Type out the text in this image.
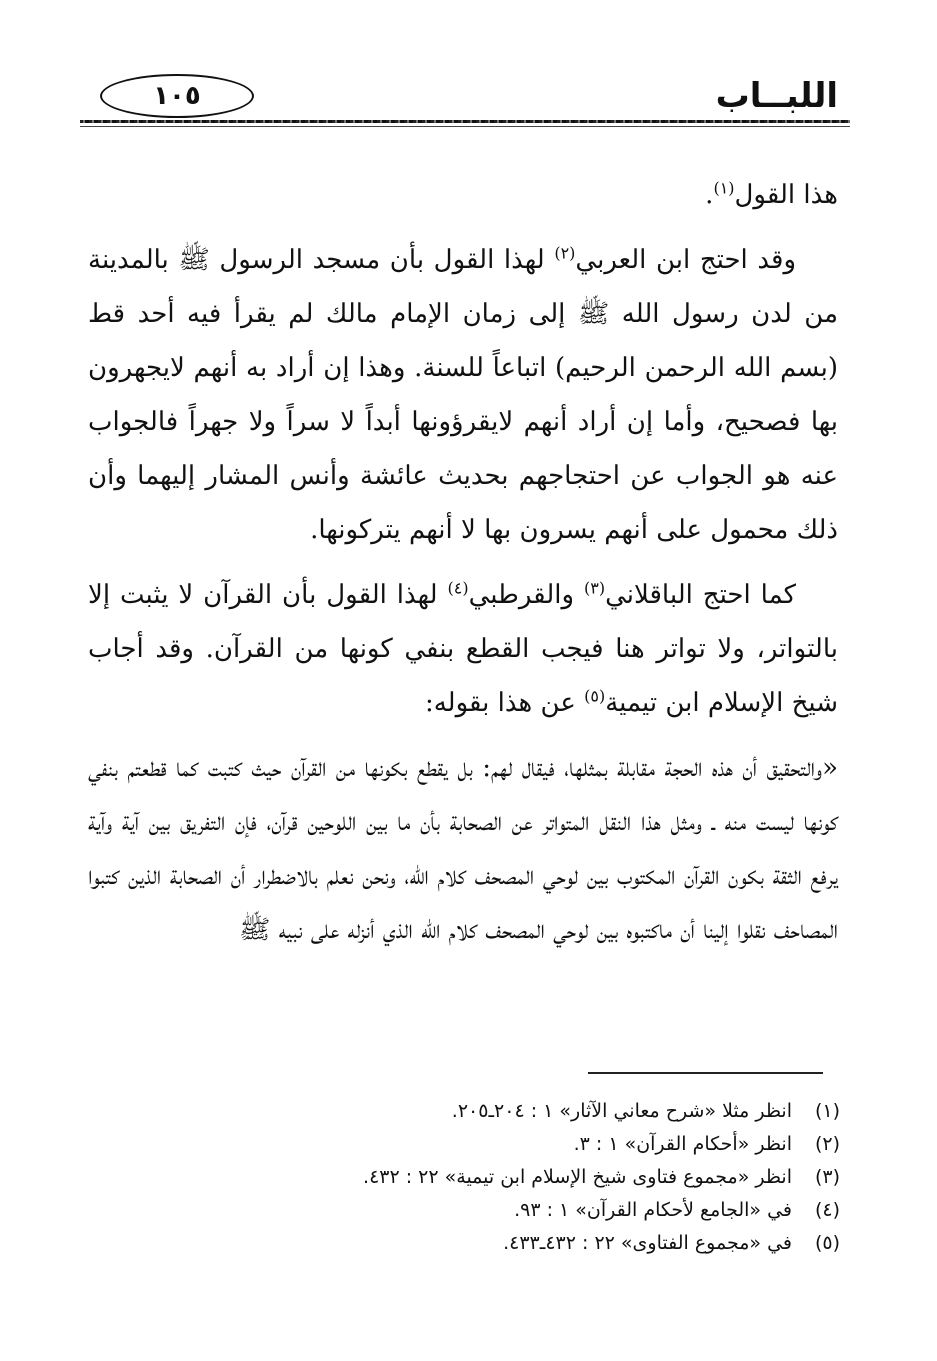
اللبــاب
١٠٥

هذا القول$^{(١)}$.

وقد احتج ابن العربي$^{(٢)}$ لهذا القول بأن مسجد الرسول ﷺ بالمدينة من لدن رسول الله ﷺ إلى زمان الإمام مالك لم يقرأ فيه أحد قط (بسم الله الرحمن الرحيم) اتباعاً للسنة. وهذا إن أراد به أنهم لايجهرون بها فصحيح، وأما إن أراد أنهم لايقرؤونها أبداً لا سراً ولا جهراً فالجواب عنه هو الجواب عن احتجاجهم بحديث عائشة وأنس المشار إليهما وأن ذلك محمول على أنهم يسرون بها لا أنهم يتركونها.

كما احتج الباقلاني$^{(٣)}$ والقرطبي$^{(٤)}$ لهذا القول بأن القرآن لا يثبت إلا بالتواتر، ولا تواتر هنا فيجب القطع بنفي كونها من القرآن. وقد أجاب شيخ الإسلام ابن تيمية$^{(٥)}$ عن هذا بقوله:

«والتحقيق أن هذه الحجة مقابلة بمثلها، فيقال لهم: بل يقطع بكونها من القرآن حيث كتبت كما قطعتم بنفي كونها ليست منه ـ ومثل هذا النقل المتواتر عن الصحابة بأن ما بين اللوحين قرآن، فإن التفريق بين آية وآية يرفع الثقة بكون القرآن المكتوب بين لوحي المصحف كلام الله، ونحن نعلم بالاضطرار أن الصحابة الذين كتبوا المصاحف نقلوا إلينا أن ماكتبوه بين لوحي المصحف كلام الله الذي أنزله على نبيه ﷺ

(١)
انظر مثلا «شرح معاني الآثار» ١ : ٢٠٤ـ٢٠٥.
(٢)
انظر «أحكام القرآن» ١ : ٣.
(٣)
انظر «مجموع فتاوى شيخ الإسلام ابن تيمية» ٢٢ : ٤٣٢.
(٤)
في «الجامع لأحكام القرآن» ١ : ٩٣.
(٥)
في «مجموع الفتاوى» ٢٢ : ٤٣٢ـ٤٣٣.
